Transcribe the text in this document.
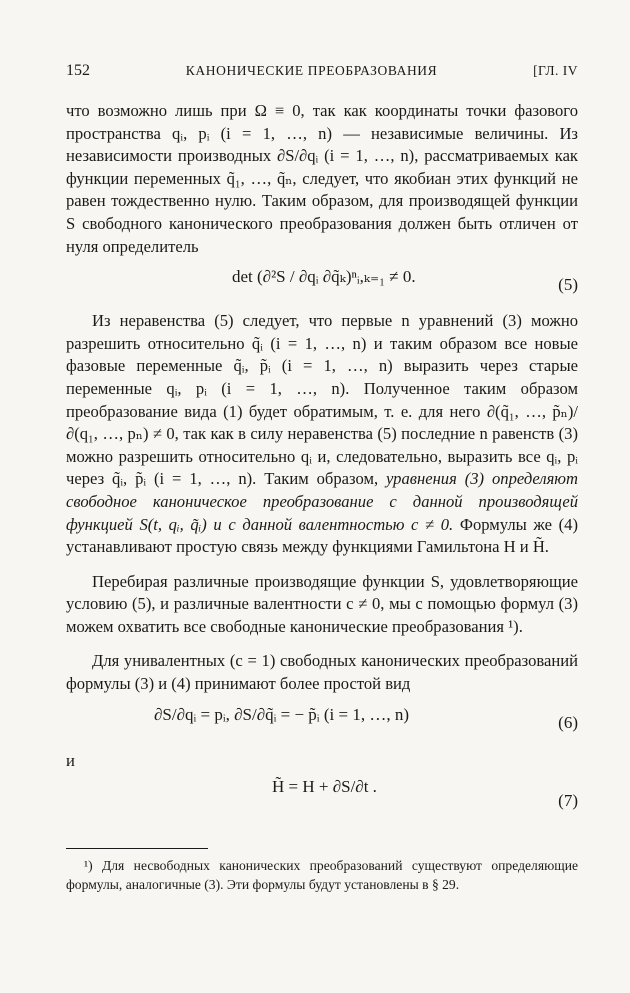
152	КАНОНИЧЕСКИЕ ПРЕОБРАЗОВАНИЯ	[ГЛ. IV

что возможно лишь при Ω ≡ 0, так как координаты точки фазового пространства qᵢ, pᵢ (i = 1, …, n) — независимые величины. Из независимости производных ∂S/∂qᵢ (i = 1, …, n), рассматриваемых как функции переменных q̃₁, …, q̃ₙ, следует, что якобиан этих функций не равен тождественно нулю. Таким образом, для производящей функции S свободного канонического преобразования должен быть отличен от нуля определитель

det (∂²S / ∂qᵢ ∂q̃ₖ)ⁿᵢ,ₖ₌₁ ≠ 0.	(5)

Из неравенства (5) следует, что первые n уравнений (3) можно разрешить относительно q̃ᵢ (i = 1, …, n) и таким образом все новые фазовые переменные q̃ᵢ, p̃ᵢ (i = 1, …, n) выразить через старые переменные qᵢ, pᵢ (i = 1, …, n). Полученное таким образом преобразование вида (1) будет обратимым, т. е. для него ∂(q̃₁, …, p̃ₙ)/∂(q₁, …, pₙ) ≠ 0, так как в силу неравенства (5) последние n равенств (3) можно разрешить относительно qᵢ и, следовательно, выразить все qᵢ, pᵢ через q̃ᵢ, p̃ᵢ (i = 1, …, n). Таким образом, уравнения (3) определяют свободное каноническое преобразование с данной производящей функцией S(t, qᵢ, q̃ᵢ) и с данной валентностью c ≠ 0. Формулы же (4) устанавливают простую связь между функциями Гамильтона H и H̃.

Перебирая различные производящие функции S, удовлетворяющие условию (5), и различные валентности c ≠ 0, мы с помощью формул (3) можем охватить все свободные канонические преобразования ¹).

Для унивалентных (c = 1) свободных канонических преобразований формулы (3) и (4) принимают более простой вид

∂S/∂qᵢ = pᵢ, ∂S/∂q̃ᵢ = − p̃ᵢ (i = 1, …, n)	(6)
и
H̃ = H + ∂S/∂t .
(7)
¹) Для несвободных канонических преобразований существуют определяющие формулы, аналогичные (3). Эти формулы будут установлены в § 29.
